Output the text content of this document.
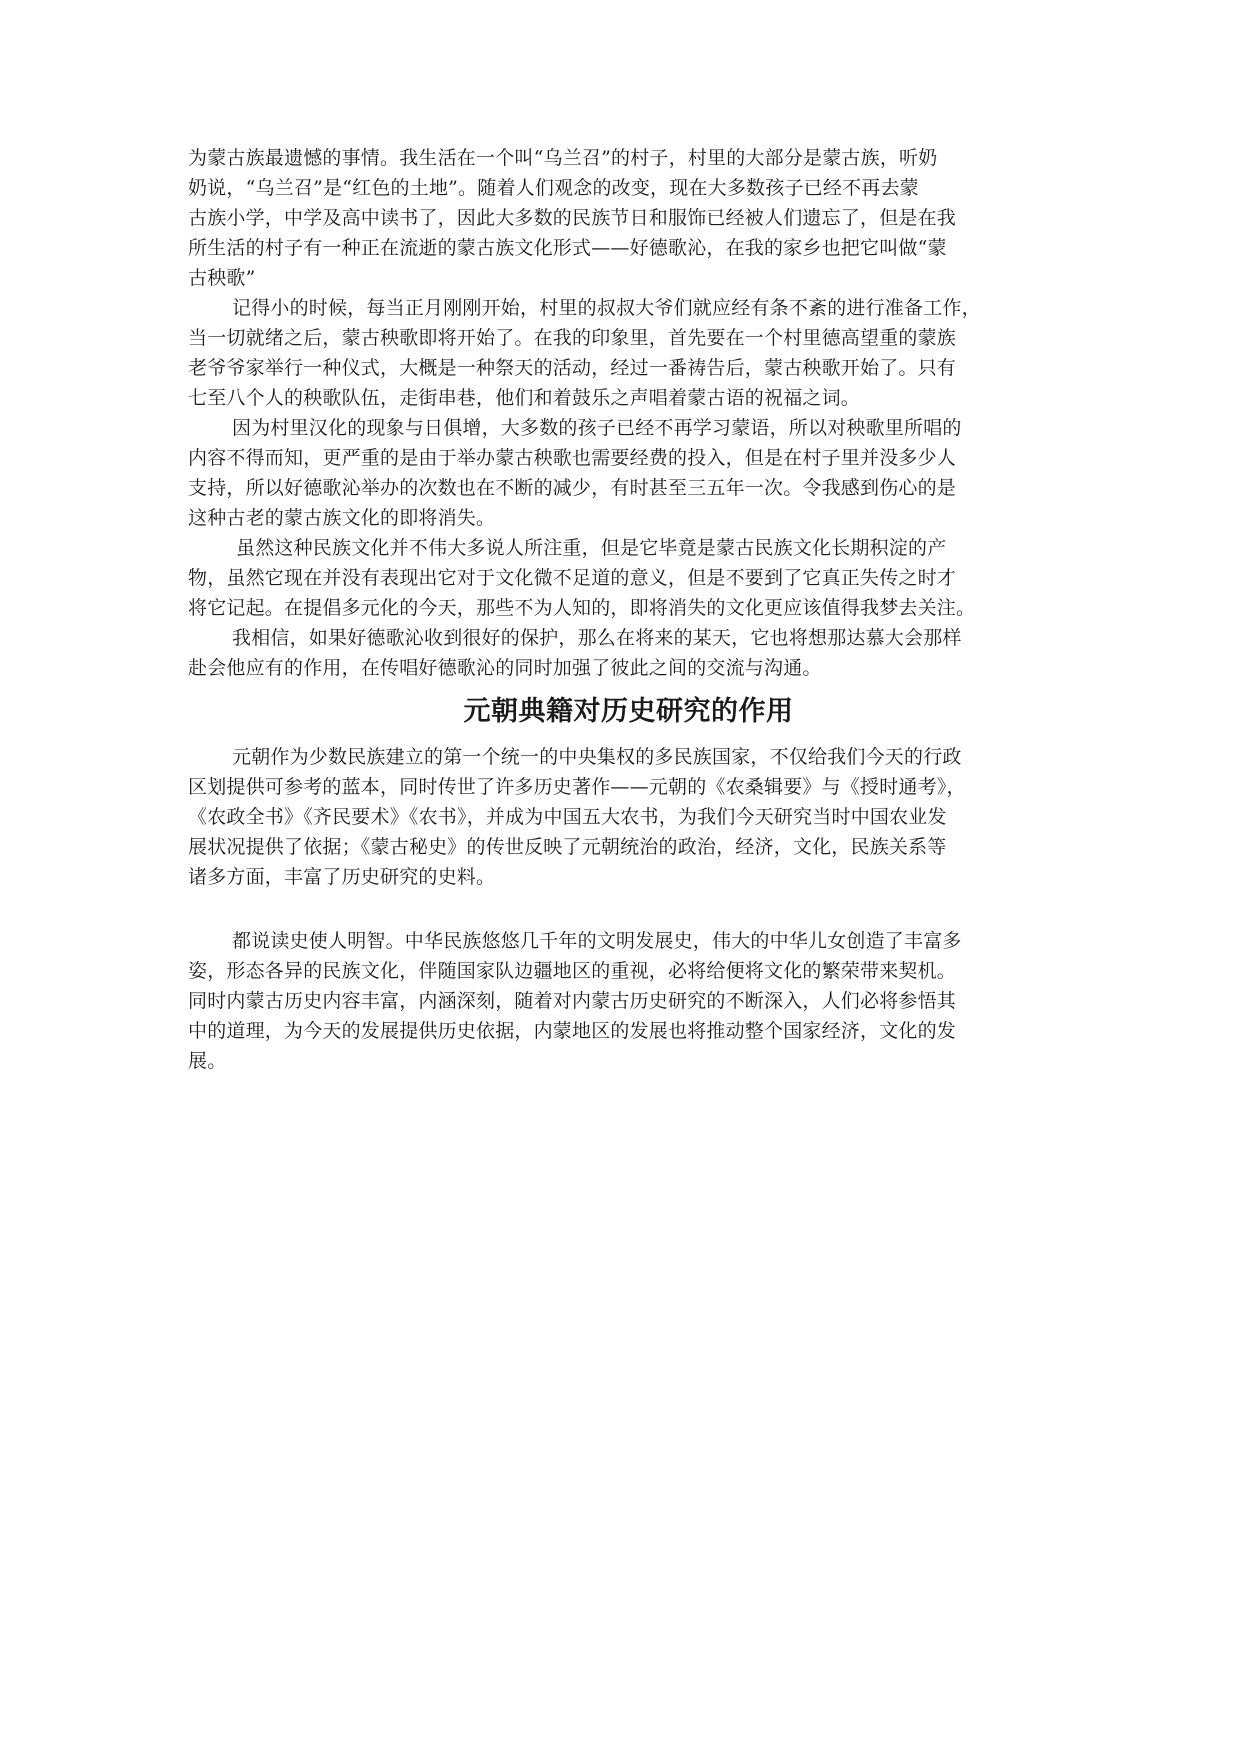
为蒙古族最遗憾的事情。我生活在一个叫“乌兰召”的村子，村里的大部分是蒙古族，听奶
奶说，“乌兰召”是“红色的土地”。随着人们观念的改变，现在大多数孩子已经不再去蒙
古族小学，中学及高中读书了，因此大多数的民族节日和服饰已经被人们遗忘了，但是在我
所生活的村子有一种正在流逝的蒙古族文化形式——好德歌沁，在我的家乡也把它叫做“蒙
古秧歌”
记得小的时候，每当正月刚刚开始，村里的叔叔大爷们就应经有条不紊的进行准备工作，
当一切就绪之后，蒙古秧歌即将开始了。在我的印象里，首先要在一个村里德高望重的蒙族
老爷爷家举行一种仪式，大概是一种祭天的活动，经过一番祷告后，蒙古秧歌开始了。只有
七至八个人的秧歌队伍，走街串巷，他们和着鼓乐之声唱着蒙古语的祝福之词。
因为村里汉化的现象与日俱增，大多数的孩子已经不再学习蒙语，所以对秧歌里所唱的
内容不得而知，更严重的是由于举办蒙古秧歌也需要经费的投入，但是在村子里并没多少人
支持，所以好德歌沁举办的次数也在不断的减少，有时甚至三五年一次。令我感到伤心的是
这种古老的蒙古族文化的即将消失。
虽然这种民族文化并不伟大多说人所注重，但是它毕竟是蒙古民族文化长期积淀的产
物，虽然它现在并没有表现出它对于文化微不足道的意义，但是不要到了它真正失传之时才
将它记起。在提倡多元化的今天，那些不为人知的，即将消失的文化更应该值得我梦去关注。
我相信，如果好德歌沁收到很好的保护，那么在将来的某天，它也将想那达慕大会那样
赴会他应有的作用，在传唱好德歌沁的同时加强了彼此之间的交流与沟通。
元朝典籍对历史研究的作用
元朝作为少数民族建立的第一个统一的中央集权的多民族国家，不仅给我们今天的行政
区划提供可参考的蓝本，同时传世了许多历史著作——元朝的《农桑辑要》与《授时通考》，
《农政全书》《齐民要术》《农书》，并成为中国五大农书，为我们今天研究当时中国农业发
展状况提供了依据；《蒙古秘史》的传世反映了元朝统治的政治，经济，文化，民族关系等
诸多方面，丰富了历史研究的史料。
都说读史使人明智。中华民族悠悠几千年的文明发展史，伟大的中华儿女创造了丰富多
姿，形态各异的民族文化，伴随国家队边疆地区的重视，必将给便将文化的繁荣带来契机。
同时内蒙古历史内容丰富，内涵深刻，随着对内蒙古历史研究的不断深入，人们必将参悟其
中的道理，为今天的发展提供历史依据，内蒙地区的发展也将推动整个国家经济，文化的发
展。
